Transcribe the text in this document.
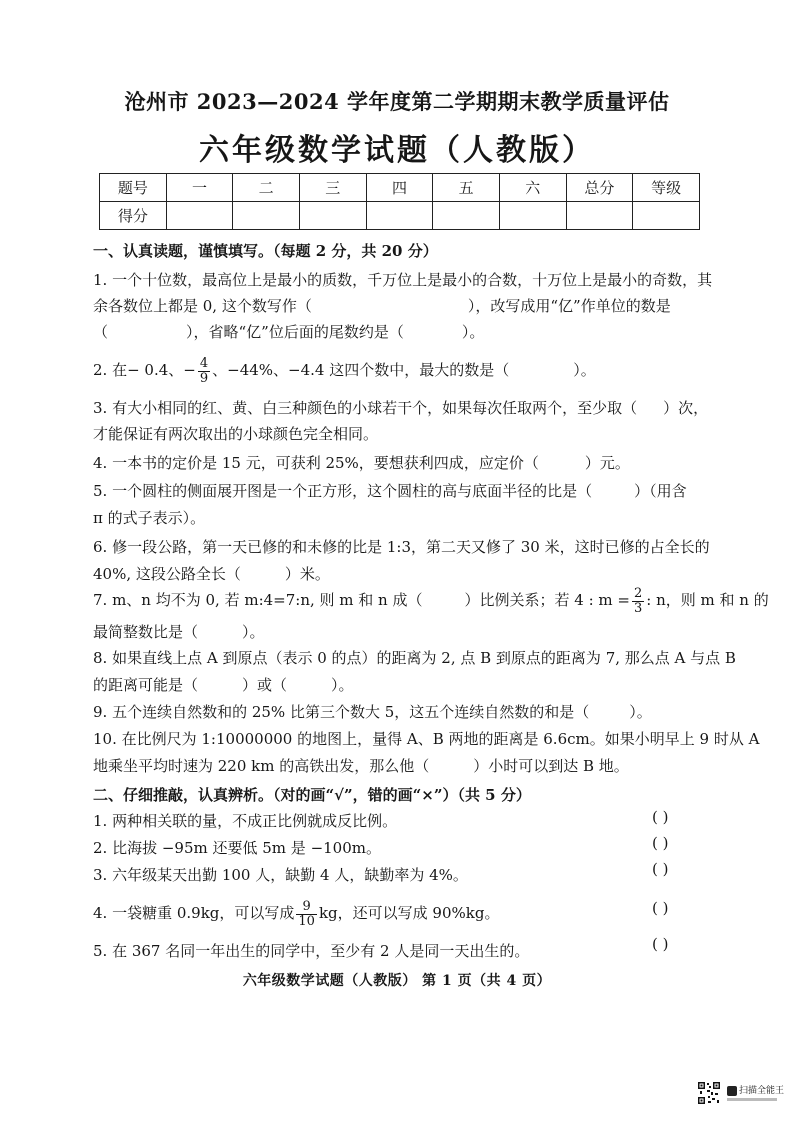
沧州市 2023—2024 学年度第二学期期末教学质量评估
六年级数学试题（人教版）
题号	一	二	三	四	五	六	总分	等级
得分								
一、认真读题，谨慎填写。（每题 2 分，共 20 分）
1. 一个十位数，最高位上是最小的质数，千万位上是最小的合数，十万位上是最小的奇数，其
余各数位上都是 0, 这个数写作（	），改写成用“亿”作单位的数是
（	），省略“亿”位后面的尾数约是（	）。
2. 在− 0.4、− $\frac{4}{9}$ 、−44%、−4.4 这四个数中，最大的数是（	）。
3. 有大小相同的红、黄、白三种颜色的小球若干个，如果每次任取两个，至少取（ ）次，
才能保证有两次取出的小球颜色完全相同。
4. 一本书的定价是 15 元，可获利 25%，要想获利四成，应定价（	）元。
5. 一个圆柱的侧面展开图是一个正方形，这个圆柱的高与底面半径的比是（	）（用含
π 的式子表示）。
6. 修一段公路，第一天已修的和未修的比是 1:3，第二天又修了 30 米，这时已修的占全长的
40%, 这段公路全长（	）米。
7. m、n 均不为 0, 若 m:4=7:n, 则 m 和 n 成（	）比例关系；若 4 : $m = \frac{2}{3}$ : n，则 m 和 n 的
最简整数比是（	）。
8. 如果直线上点 A 到原点（表示 0 的点）的距离为 2, 点 B 到原点的距离为 7, 那么点 A 与点 B
的距离可能是（	）或（	）。
9. 五个连续自然数和的 25% 比第三个数大 5，这五个连续自然数的和是（	）。
10. 在比例尺为 1:10000000 的地图上，量得 A、B 两地的距离是 6.6cm。如果小明早上 9 时从 A
地乘坐平均时速为 220 km 的高铁出发，那么他（	）小时可以到达 B 地。
二、仔细推敲，认真辨析。（对的画“√”，错的画“×”）（共 5 分）
1. 两种相关联的量，不成正比例就成反比例。	( )
2. 比海拔 −95m 还要低 5m 是 −100m。	( )
3. 六年级某天出勤 100 人，缺勤 4 人，缺勤率为 4%。	( )
4. 一袋糖重 0.9kg，可以写成 $\frac{9}{10}$ kg，还可以写成 90%kg。	( )
5. 在 367 名同一年出生的同学中，至少有 2 人是同一天出生的。	( )
六年级数学试题（人教版） 第 1 页（共 4 页）
扫描全能王
